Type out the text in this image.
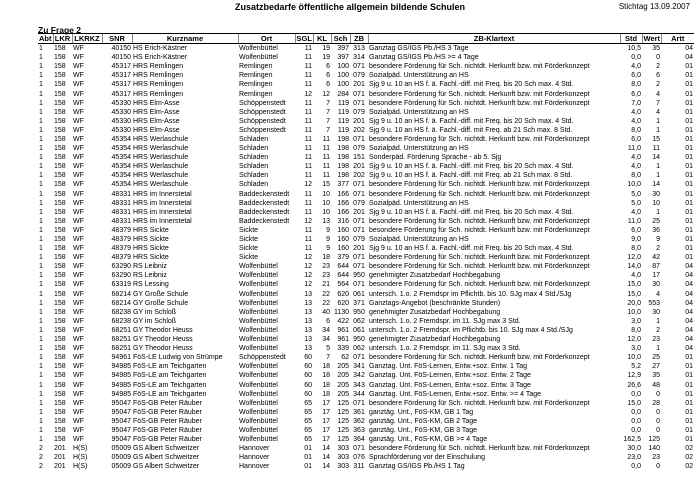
Zusatzbedarfe öffentliche allgemein bildende Schulen	Stichtag 13.09.2007
Zu Frage 2
Abt	LKR	LKRKZ	SNR	Kurzname	Ort	SGL	KL	Sch	ZB	ZB-Klartext	Std	Wert	Artt
1	158	WF	40150	HS Erich-Kästner	Wolfenbüttel	11	19	397	313	Ganztag GS/IGS Pb./HS 3 Tage	10,5	35	04
1	158	WF	40150	HS Erich-Kästner	Wolfenbüttel	11	19	397	314	Ganztag GS/IGS Pb./HS >= 4 Tage	0,0	0	04
1	158	WF	45317	HRS Remlingen	Remlingen	11	6	100	071	besondere Förderung für Sch. nichtdt. Herkunft bzw. mit Förderkonzept	4,0	2	01
1	158	WF	45317	HRS Remlingen	Remlingen	11	6	100	079	Sozialpäd. Unterstützung an HS	6,0	6	01
1	158	WF	45317	HRS Remlingen	Remlingen	11	6	100	201	Sjg 9 u. 10 an HS f. ä. Fachl.-diff. mit Freq. bis 20 Sch max. 4 Std.	8,0	2	01
1	158	WF	45317	HRS Remlingen	Remlingen	12	12	284	071	besondere Förderung für Sch. nichtdt. Herkunft bzw. mit Förderkonzept	6,0	4	01
1	158	WF	45330	HRS Elm-Asse	Schöppenstedt	11	7	119	071	besondere Förderung für Sch. nichtdt. Herkunft bzw. mit Förderkonzept	7,0	7	01
1	158	WF	45330	HRS Elm-Asse	Schöppenstedt	11	7	119	079	Sozialpäd. Unterstützung an HS	4,0	4	01
1	158	WF	45330	HRS Elm-Asse	Schöppenstedt	11	7	119	201	Sjg 9 u. 10 an HS f. ä. Fachl.-diff. mit Freq. bis 20 Sch max. 4 Std.	4,0	1	01
1	158	WF	45330	HRS Elm-Asse	Schöppenstedt	11	7	119	202	Sjg 9 u. 10 an HS f. ä. Fachl.-diff. mit Freq. ab 21 Sch max. 8 Std.	8,0	1	01
1	158	WF	45354	HRS Werlaschule	Schladen	11	11	198	071	besondere Förderung für Sch. nichtdt. Herkunft bzw. mit Förderkonzept	6,0	15	01
1	158	WF	45354	HRS Werlaschule	Schladen	11	11	198	079	Sozialpäd. Unterstützung an HS	11,0	11	01
1	158	WF	45354	HRS Werlaschule	Schladen	11	11	198	151	Sonderpäd. Förderung Sprache - ab 5. Sjg	4,0	14	01
1	158	WF	45354	HRS Werlaschule	Schladen	11	11	198	201	Sjg 9 u. 10 an HS f. ä. Fachl.-diff. mit Freq. bis 20 Sch max. 4 Std.	4,0	1	01
1	158	WF	45354	HRS Werlaschule	Schladen	11	11	198	202	Sjg 9 u. 10 an HS f. ä. Fachl.-diff. mit Freq. ab 21 Sch max. 8 Std.	8,0	1	01
1	158	WF	45354	HRS Werlaschule	Schladen	12	15	377	071	besondere Förderung für Sch. nichtdt. Herkunft bzw. mit Förderkonzept	10,0	14	01
1	158	WF	48331	HRS im Innerstetal	Baddeckenstedt	11	10	166	071	besondere Förderung für Sch. nichtdt. Herkunft bzw. mit Förderkonzept	5,0	30	01
1	158	WF	48331	HRS im Innerstetal	Baddeckenstedt	11	10	166	079	Sozialpäd. Unterstützung an HS	5,0	10	01
1	158	WF	48331	HRS im Innerstetal	Baddeckenstedt	11	10	166	201	Sjg 9 u. 10 an HS f. ä. Fachl.-diff. mit Freq. bis 20 Sch max. 4 Std.	4,0	1	01
1	158	WF	48331	HRS im Innerstetal	Baddeckenstedt	12	13	316	071	besondere Förderung für Sch. nichtdt. Herkunft bzw. mit Förderkonzept	11,0	25	01
1	158	WF	48379	HRS Sickte	Sickte	11	9	160	071	besondere Förderung für Sch. nichtdt. Herkunft bzw. mit Förderkonzept	6,0	36	01
1	158	WF	48379	HRS Sickte	Sickte	11	9	160	079	Sozialpäd. Unterstützung an HS	9,0	9	01
1	158	WF	48379	HRS Sickte	Sickte	11	9	160	201	Sjg 9 u. 10 an HS f. ä. Fachl.-diff. mit Freq. bis 20 Sch max. 4 Std.	8,0	2	01
1	158	WF	48379	HRS Sickte	Sickte	12	18	379	071	besondere Förderung für Sch. nichtdt. Herkunft bzw. mit Förderkonzept	12,0	42	01
1	158	WF	63290	RS Leibniz	Wolfenbüttel	12	23	644	071	besondere Förderung für Sch. nichtdt. Herkunft bzw. mit Förderkonzept	14,0	87	04
1	158	WF	63290	RS Leibniz	Wolfenbüttel	12	23	644	950	genehmigter Zusatzbedarf Hochbegabung	4,0	17	04
1	158	WF	63319	RS Lessing	Wolfenbüttel	12	21	564	071	besondere Förderung für Sch. nichtdt. Herkunft bzw. mit Förderkonzept	15,0	30	04
1	158	WF	68214	GY Große Schule	Wolfenbüttel	13	22	620	061	untersch. 1.o. 2 Fremdspr im Pflichtb. bis 10. SJg max 4 Std./SJg	15,0	4	04
1	158	WF	68214	GY Große Schule	Wolfenbüttel	13	22	620	371	Ganztags-Angebot (beschränkte Stunden)	20,0	553	04
1	158	WF	68238	GY im Schloß	Wolfenbüttel	13	40	1130	950	genehmigter Zusatzbedarf Hochbegabung	10,0	30	04
1	158	WF	68238	GY im Schloß	Wolfenbüttel	13	6	422	062	untersch. 1.o. 2 Fremdspr. im 11. SJg max 3 Std.	3,0	1	04
1	158	WF	68251	GY Theodor Heuss	Wolfenbüttel	13	34	961	061	untersch. 1.o. 2 Fremdspr. im Pflichtb. bis 10. SJg max 4 Std./SJg	8,0	2	04
1	158	WF	68251	GY Theodor Heuss	Wolfenbüttel	13	34	961	950	genehmigter Zusatzbedarf Hochbegabung	12,0	23	04
1	158	WF	68251	GY Theodor Heuss	Wolfenbüttel	13	5	339	062	untersch. 1.o. 2 Fremdspr. im 11. SJg max 3 Std.	3,0	1	04
1	158	WF	94961	FöS-LE Ludwig von Strümpe	Schöppenstedt	60	7	62	071	besondere Förderung für Sch. nichtdt. Herkunft bzw. mit Förderkonzept	10,0	25	01
1	158	WF	94985	FöS-LE am Teichgarten	Wolfenbüttel	60	18	205	341	Ganztag. Unt. FöS-Lernen, Entw.+soz. Entw. 1 Tag	5,2	27	01
1	158	WF	94985	FöS-LE am Teichgarten	Wolfenbüttel	60	18	205	342	Ganztag. Unt. FöS-Lernen, Entw.+soz. Entw. 2 Tage	12,9	35	01
1	158	WF	94985	FöS-LE am Teichgarten	Wolfenbüttel	60	18	205	343	Ganztag. Unt. FöS-Lernen, Entw.+soz. Entw. 3 Tage	26,6	48	01
1	158	WF	94985	FöS-LE am Teichgarten	Wolfenbüttel	60	18	205	344	Ganztag. Unt. FöS-Lernen, Entw.+soz. Entw. >= 4 Tage	0,0	0	01
1	158	WF	95047	FöS-GB Peter Räuber	Wolfenbüttel	65	17	125	071	besondere Förderung für Sch. nichtdt. Herkunft bzw. mit Förderkonzept	15,0	28	01
1	158	WF	95047	FöS-GB Peter Räuber	Wolfenbüttel	65	17	125	361	ganztäg. Unt., FöS-KM, GB 1 Tag	0,0	0	01
1	158	WF	95047	FöS-GB Peter Räuber	Wolfenbüttel	65	17	125	362	ganztäg. Unt., FöS-KM, GB 2 Tage	0,0	0	01
1	158	WF	95047	FöS-GB Peter Räuber	Wolfenbüttel	65	17	125	363	ganztäg. Unt., FöS-KM, GB 3 Tage	0,0	0	01
1	158	WF	95047	FöS-GB Peter Räuber	Wolfenbüttel	65	17	125	364	ganztäg. Unt., FöS-KM, GB >= 4 Tage	162,5	125	01
2	201	H(S)	05009	GS Albert Schweitzer	Hannover	01	14	303	071	besondere Förderung für Sch. nichtdt. Herkunft bzw. mit Förderkonzept	30,0	140	02
2	201	H(S)	05009	GS Albert Schweitzer	Hannover	01	14	303	076	Sprachförderung vor der Einschulung	23,0	23	02
2	201	H(S)	05009	GS Albert Schweitzer	Hannover	01	14	303	311	Ganztag GS/IGS Pb./HS 1 Tag	0,0	0	02
